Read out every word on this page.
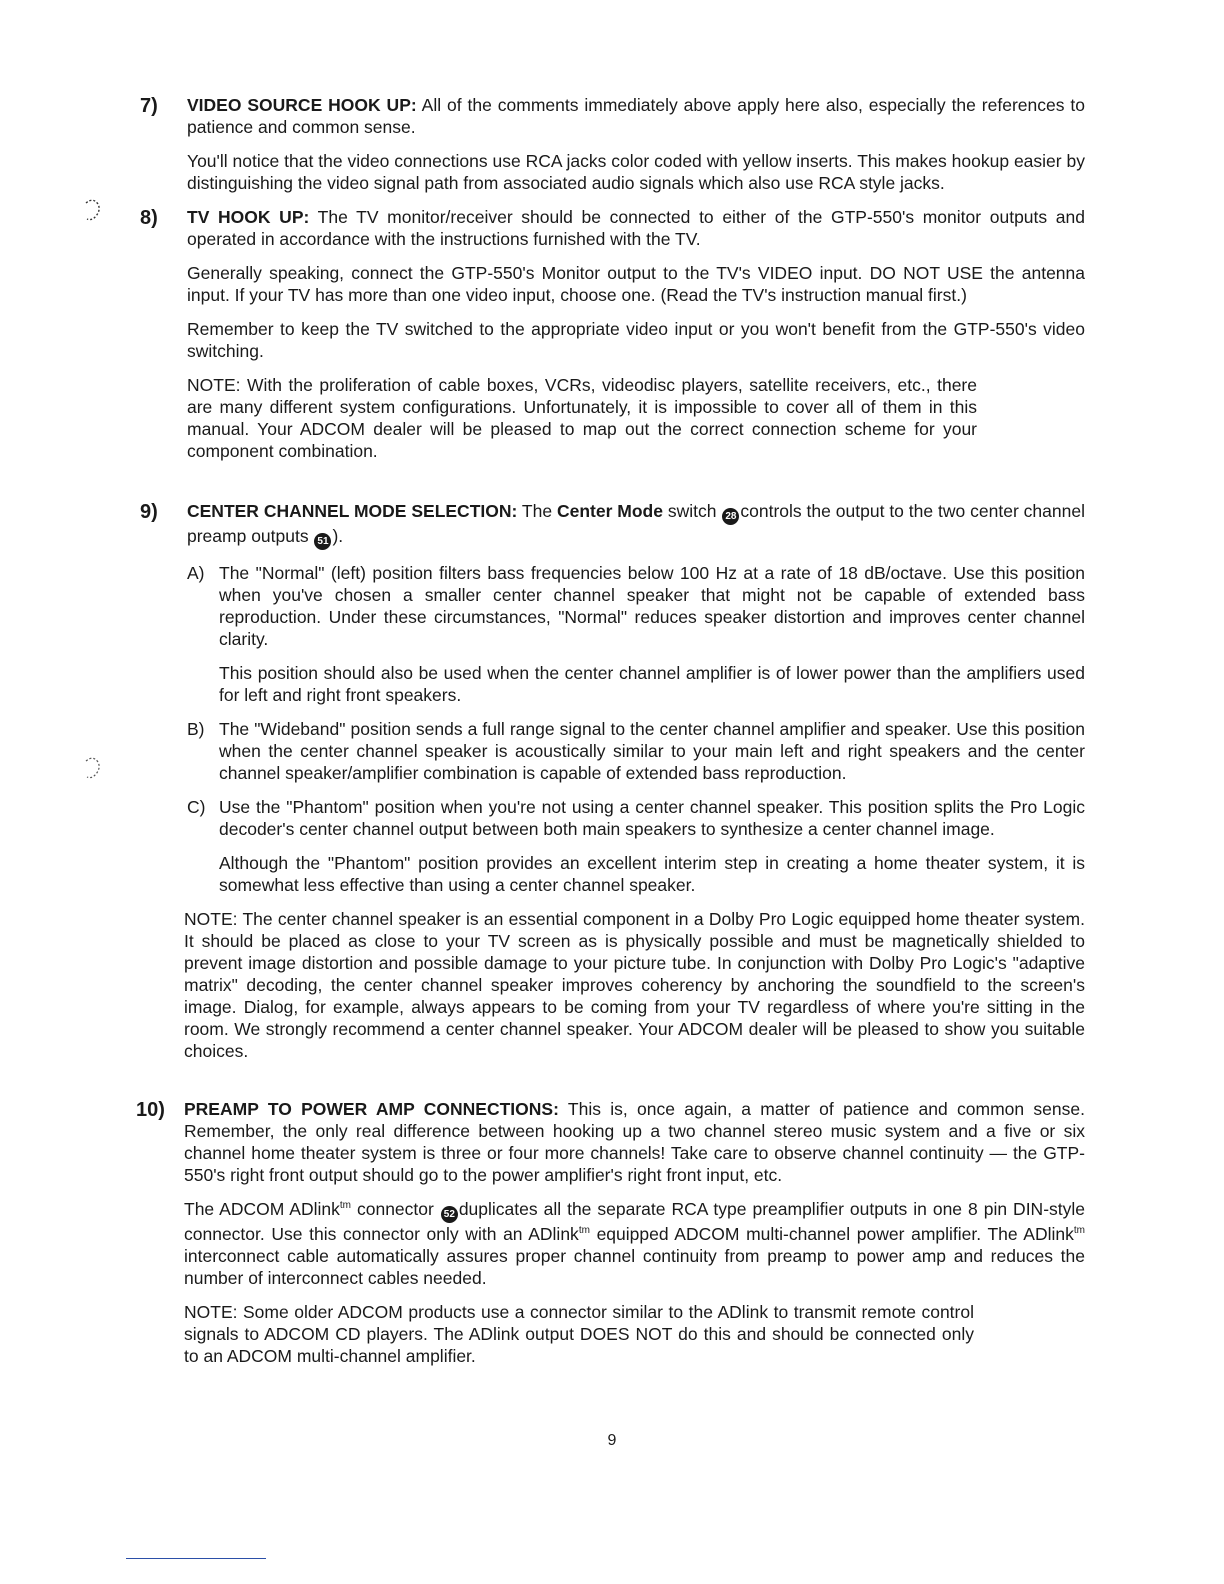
7) VIDEO SOURCE HOOK UP: All of the comments immediately above apply here also, especially the references to patience and common sense.

You'll notice that the video connections use RCA jacks color coded with yellow inserts. This makes hookup easier by distinguishing the video signal path from associated audio signals which also use RCA style jacks.

8) TV HOOK UP: The TV monitor/receiver should be connected to either of the GTP-550's monitor outputs and operated in accordance with the instructions furnished with the TV.

Generally speaking, connect the GTP-550's Monitor output to the TV's VIDEO input. DO NOT USE the antenna input. If your TV has more than one video input, choose one. (Read the TV's instruction manual first.)

Remember to keep the TV switched to the appropriate video input or you won't benefit from the GTP-550's video switching.

NOTE: With the proliferation of cable boxes, VCRs, videodisc players, satellite receivers, etc., there are many different system configurations. Unfortunately, it is impossible to cover all of them in this manual. Your ADCOM dealer will be pleased to map out the correct connection scheme for your component combination.

9) CENTER CHANNEL MODE SELECTION: The Center Mode switch 28 controls the output to the two center channel preamp outputs 51 ).

A) The "Normal" (left) position filters bass frequencies below 100 Hz at a rate of 18 dB/octave. Use this position when you've chosen a smaller center channel speaker that might not be capable of extended bass reproduction. Under these circumstances, "Normal" reduces speaker distortion and improves center channel clarity.

This position should also be used when the center channel amplifier is of lower power than the amplifiers used for left and right front speakers.

B) The "Wideband" position sends a full range signal to the center channel amplifier and speaker. Use this position when the center channel speaker is acoustically similar to your main left and right speakers and the center channel speaker/amplifier combination is capable of extended bass reproduction.

C) Use the "Phantom" position when you're not using a center channel speaker. This position splits the Pro Logic decoder's center channel output between both main speakers to synthesize a center channel image.

Although the "Phantom" position provides an excellent interim step in creating a home theater system, it is somewhat less effective than using a center channel speaker.

NOTE: The center channel speaker is an essential component in a Dolby Pro Logic equipped home theater system. It should be placed as close to your TV screen as is physically possible and must be magnetically shielded to prevent image distortion and possible damage to your picture tube. In conjunction with Dolby Pro Logic's "adaptive matrix" decoding, the center channel speaker improves coherency by anchoring the soundfield to the screen's image. Dialog, for example, always appears to be coming from your TV regardless of where you're sitting in the room. We strongly recommend a center channel speaker. Your ADCOM dealer will be pleased to show you suitable choices.

10) PREAMP TO POWER AMP CONNECTIONS: This is, once again, a matter of patience and common sense. Remember, the only real difference between hooking up a two channel stereo music system and a five or six channel home theater system is three or four more channels! Take care to observe channel continuity — the GTP-550's right front output should go to the power amplifier's right front input, etc.

The ADCOM ADlink$^{tm}$ connector 52 duplicates all the separate RCA type preamplifier outputs in one 8 pin DIN-style connector. Use this connector only with an ADlink$^{tm}$ equipped ADCOM multi-channel power amplifier. The ADlink$^{tm}$ interconnect cable automatically assures proper channel continuity from preamp to power amp and reduces the number of interconnect cables needed.

NOTE: Some older ADCOM products use a connector similar to the ADlink to transmit remote control signals to ADCOM CD players. The ADlink output DOES NOT do this and should be connected only to an ADCOM multi-channel amplifier.

9
